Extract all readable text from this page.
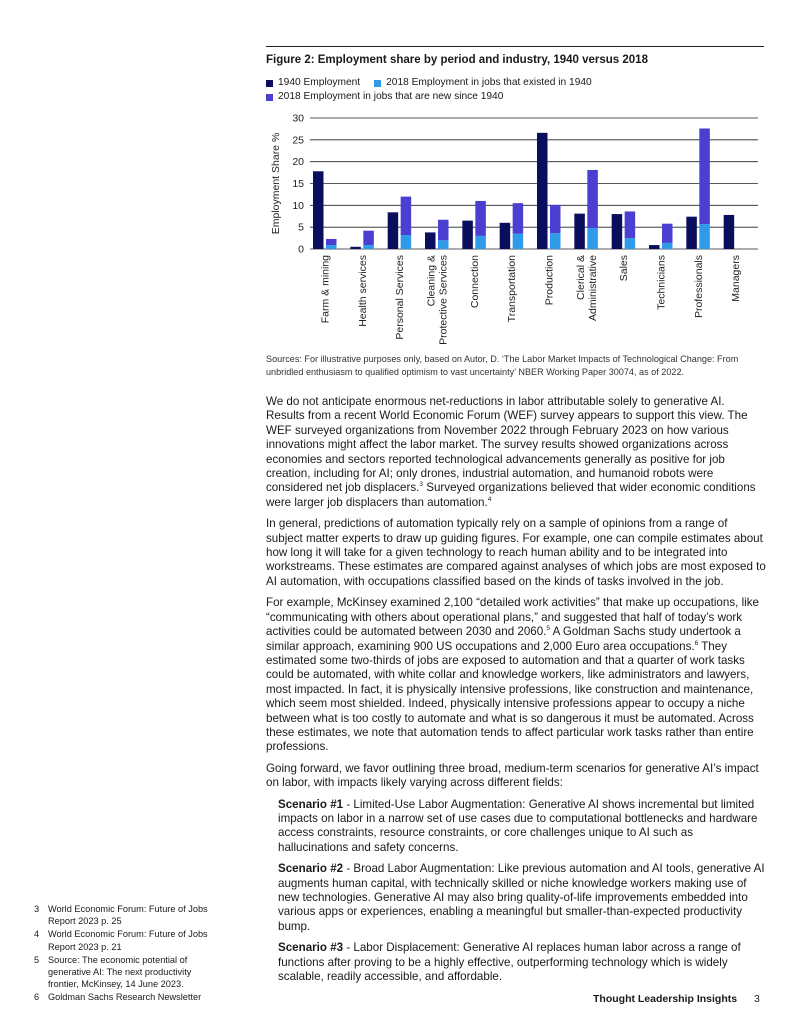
Figure 2: Employment share by period and industry, 1940 versus 2018
1940 Employment	2018 Employment in jobs that existed in 1940
2018 Employment in jobs that are new since 1940
0
5
10
15
20
25
30
Employment Share %
Farm & mining Health services Personal Services Cleaning & Protective Services Connection Transportation Production Clerical & Administrative Sales Technicians Professionals Managers
Sources: For illustrative purposes only, based on Autor, D. ‘The Labor Market Impacts of Technological Change: From unbridled enthusiasm to qualified optimism to vast uncertainty’ NBER Working Paper 30074, as of 2022.

We do not anticipate enormous net-reductions in labor attributable solely to generative AI. Results from a recent World Economic Forum (WEF) survey appears to support this view. The WEF surveyed organizations from November 2022 through February 2023 on how various innovations might affect the labor market. The survey results showed organizations across economies and sectors reported technological advancements generally as positive for job creation, including for AI; only drones, industrial automation, and humanoid robots were considered net job displacers.$^3$ Surveyed organizations believed that wider economic conditions were larger job displacers than automation.$^4$

In general, predictions of automation typically rely on a sample of opinions from a range of subject matter experts to draw up guiding figures. For example, one can compile estimates about how long it will take for a given technology to reach human ability and to be integrated into workstreams. These estimates are compared against analyses of which jobs are most exposed to AI automation, with occupations classified based on the kinds of tasks involved in the job.

For example, McKinsey examined 2,100 “detailed work activities” that make up occupations, like “communicating with others about operational plans,” and suggested that half of today’s work activities could be automated between 2030 and 2060.$^5$ A Goldman Sachs study undertook a similar approach, examining 900 US occupations and 2,000 Euro area occupations.$^6$ They estimated some two-thirds of jobs are exposed to automation and that a quarter of work tasks could be automated, with white collar and knowledge workers, like administrators and lawyers, most impacted. In fact, it is physically intensive professions, like construction and maintenance, which seem most shielded. Indeed, physically intensive professions appear to occupy a niche between what is too costly to automate and what is so dangerous it must be automated. Across these estimates, we note that automation tends to affect particular work tasks rather than entire professions.

Going forward, we favor outlining three broad, medium-term scenarios for generative AI’s impact on labor, with impacts likely varying across different fields:

Scenario #1 - Limited-Use Labor Augmentation: Generative AI shows incremental but limited impacts on labor in a narrow set of use cases due to computational bottlenecks and hardware access constraints, resource constraints, or core challenges unique to AI such as hallucinations and safety concerns.

Scenario #2 - Broad Labor Augmentation: Like previous automation and AI tools, generative AI augments human capital, with technically skilled or niche knowledge workers making use of new technologies. Generative AI may also bring quality-of-life improvements embedded into various apps or experiences, enabling a meaningful but smaller-than-expected productivity bump.

Scenario #3 - Labor Displacement: Generative AI replaces human labor across a range of functions after proving to be a highly effective, outperforming technology which is widely scalable, readily accessible, and affordable.

3 World Economic Forum: Future of Jobs Report 2023 p. 25
4 World Economic Forum: Future of Jobs Report 2023 p. 21
5 Source: The economic potential of generative AI: The next productivity frontier, McKinsey, 14 June 2023.
6 Goldman Sachs Research Newsletter	Thought Leadership Insights 3
